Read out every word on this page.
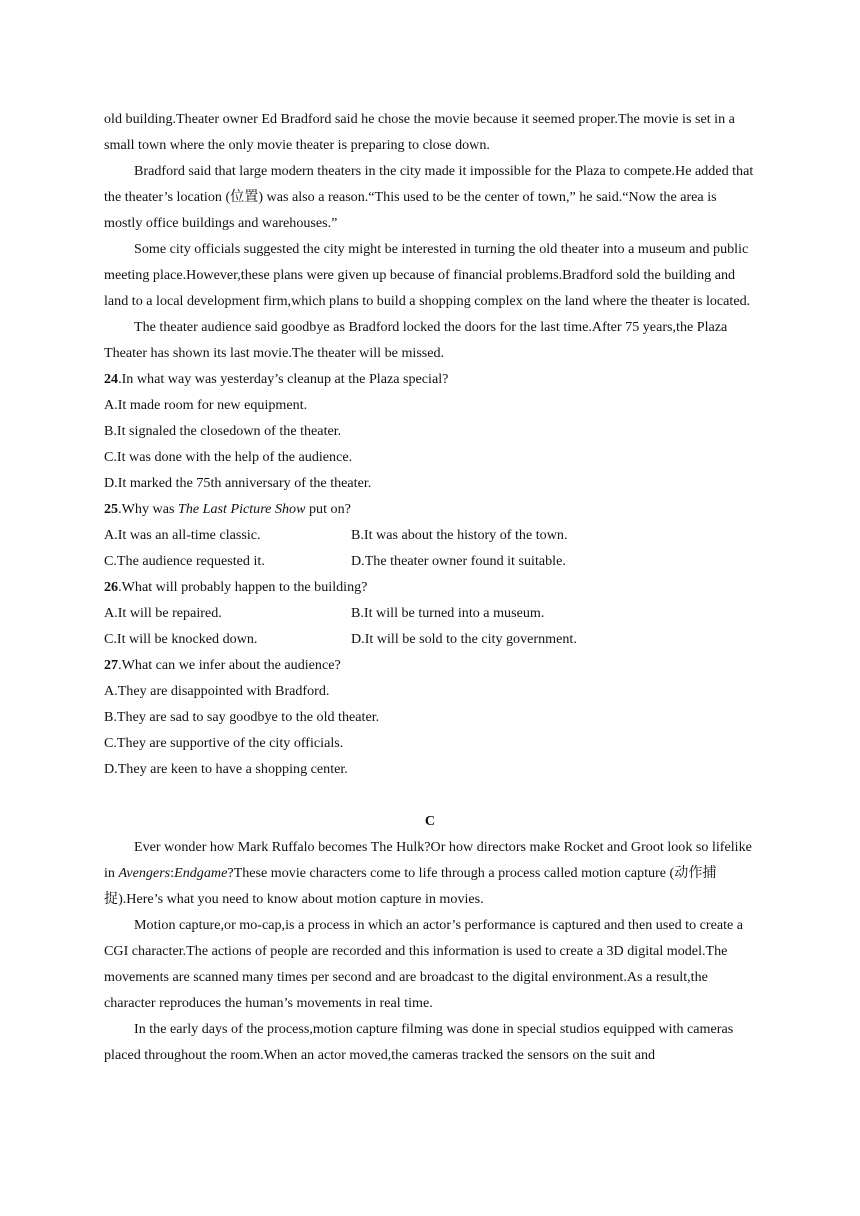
old building.Theater owner Ed Bradford said he chose the movie because it seemed proper.The movie is set in a small town where the only movie theater is preparing to close down.

Bradford said that large modern theaters in the city made it impossible for the Plaza to compete.He added that the theater’s location (位置) was also a reason.“This used to be the center of town,” he said.“Now the area is mostly office buildings and warehouses.”

Some city officials suggested the city might be interested in turning the old theater into a museum and public meeting place.However,these plans were given up because of financial problems.Bradford sold the building and land to a local development firm,which plans to build a shopping complex on the land where the theater is located.

The theater audience said goodbye as Bradford locked the doors for the last time.After 75 years,the Plaza Theater has shown its last movie.The theater will be missed.

24.In what way was yesterday’s cleanup at the Plaza special?

A.It made room for new equipment.

B.It signaled the closedown of the theater.

C.It was done with the help of the audience.

D.It marked the 75th anniversary of the theater.

25.Why was The Last Picture Show put on?

A.It was an all-time classic.	B.It was about the history of the town.
C.The audience requested it.	D.The theater owner found it suitable.

26.What will probably happen to the building?

A.It will be repaired.	B.It will be turned into a museum.
C.It will be knocked down.	D.It will be sold to the city government.

27.What can we infer about the audience?

A.They are disappointed with Bradford.

B.They are sad to say goodbye to the old theater.

C.They are supportive of the city officials.

D.They are keen to have a shopping center.

C

Ever wonder how Mark Ruffalo becomes The Hulk?Or how directors make Rocket and Groot look so lifelike in Avengers:Endgame?These movie characters come to life through a process called motion capture (动作捕捉).Here’s what you need to know about motion capture in movies.

Motion capture,or mo-cap,is a process in which an actor’s performance is captured and then used to create a CGI character.The actions of people are recorded and this information is used to create a 3D digital model.The movements are scanned many times per second and are broadcast to the digital environment.As a result,the character reproduces the human’s movements in real time.

In the early days of the process,motion capture filming was done in special studios equipped with cameras placed throughout the room.When an actor moved,the cameras tracked the sensors on the suit and
